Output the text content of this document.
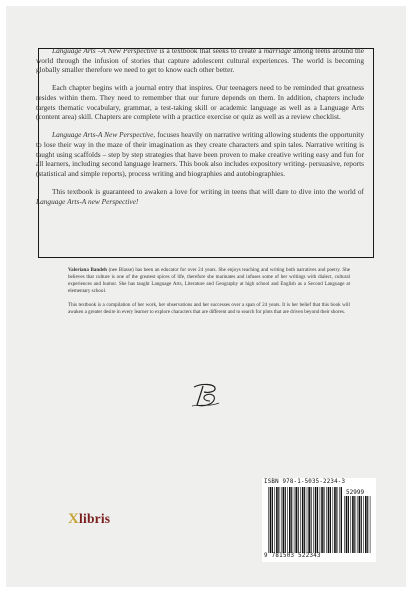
Language Arts –A New Perspective is a textbook that seeks to create a marriage among teens around the world through the infusion of stories that capture adolescent cultural experiences. The world is becoming globally smaller therefore we need to get to know each other better.

Each chapter begins with a journal entry that inspires. Our teenagers need to be reminded that greatness resides within them. They need to remember that our furure depends on them. In addition, chapters include targets thematic vocabulary, grammar, a test-taking skill or academic language as well as a Language Arts (content area) skill. Chapters are complete with a practice exercise or quiz as well as a review checklist.

Language Arts-A New Perspective, focuses heavily on narrative writing allowing students the opportunity to lose their way in the maze of their imagination as they create characters and spin tales. Narrative writing is taught using scaffolds – step by step strategies that have been proven to make creative writing easy and fun for all learners, including second language learners. This book also includes expository writing- persuasive, reports (statistical and simple reports), process writing and biographies and autobiographies.

This textbook is guaranteed to awaken a love for writing in teens that will dare to dive into the world of Language Arts-A new Perspective!

Valeriana Bandeh (nee Blasse) has been an educator for over 24 years. She enjoys teaching and writing both narratives and poetry. She believes that culture is one of the greatest spices of life, therefore she marinates and infuses some of her writings with dialect, cultural experiences and humor. She has taught Language Arts, Literature and Geography at high school and English as a Second Language at elementary school.

This textbook is a compilation of her work, her observations and her successes over a span of 24 years. It is her belief that this book will awaken a greater desire in every learner to explore characters that are different and to search for plots that are driven beyond their shores.

ISBN 978-1-5035-2234-3
52999
9 781503 522343
Xlibris
